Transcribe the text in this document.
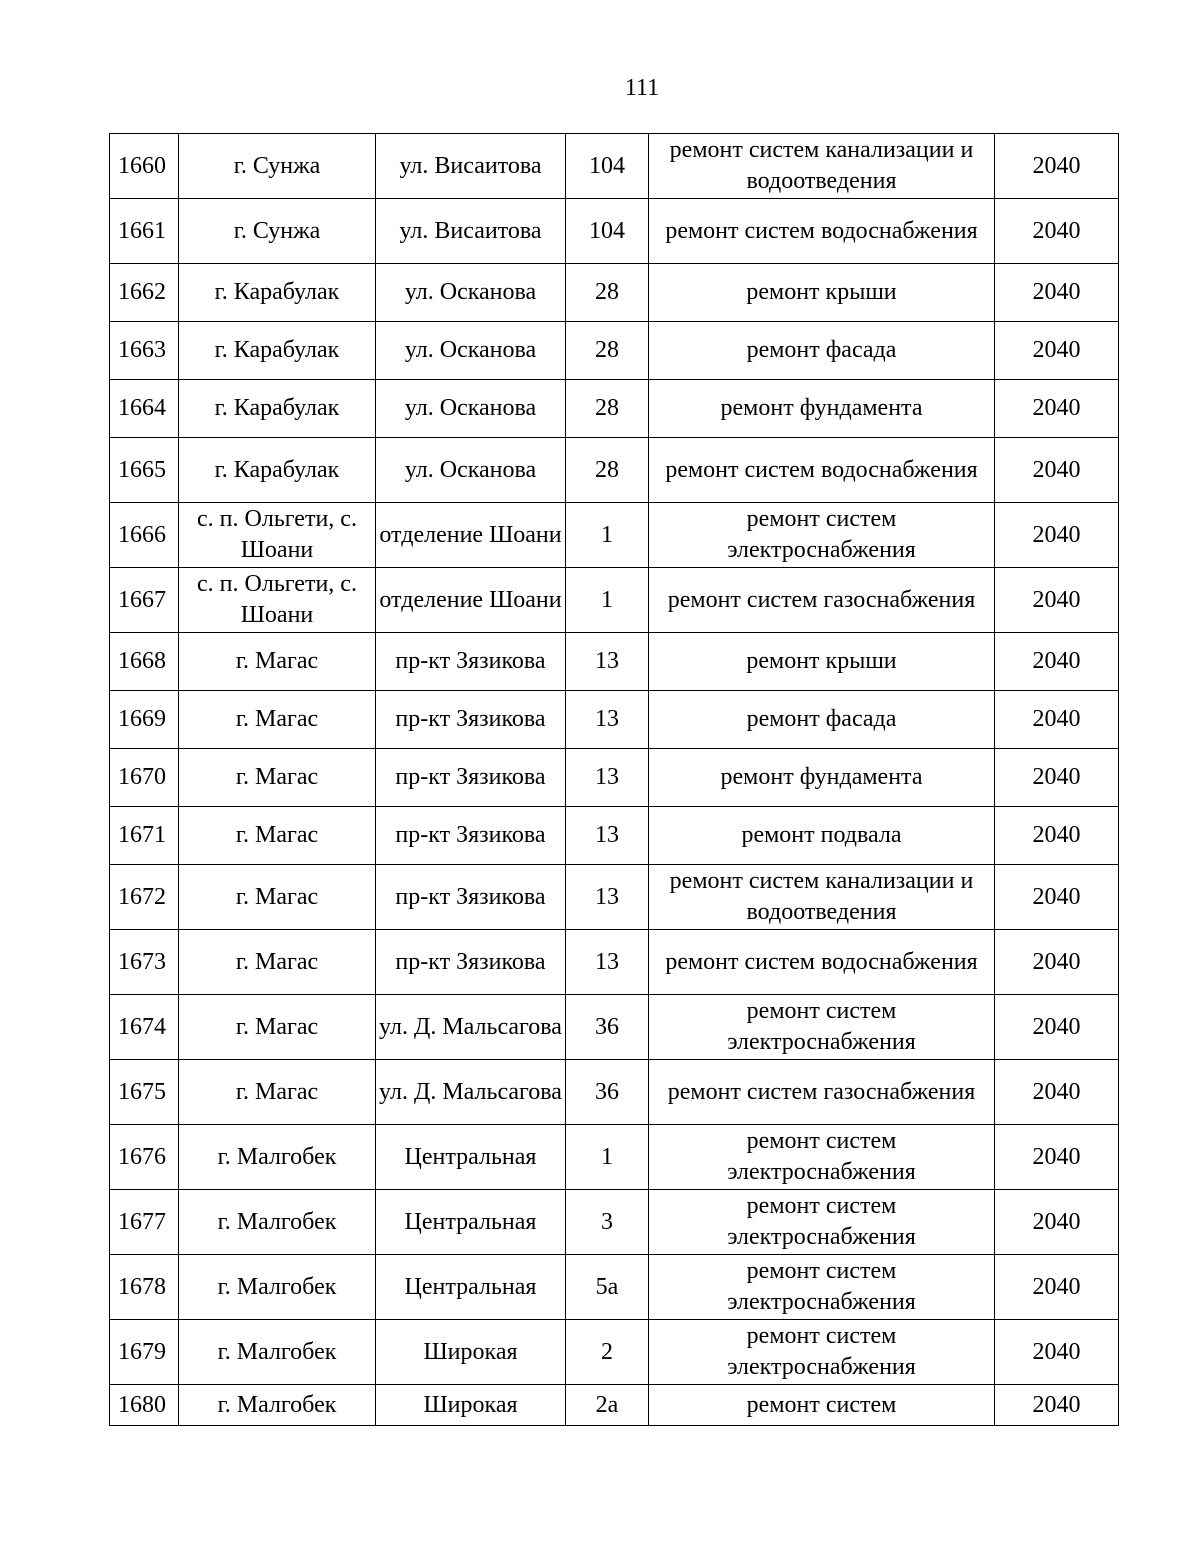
111
1660	г. Сунжа	ул. Висаитова	104	ремонт систем канализации и водоотведения	2040
1661	г. Сунжа	ул. Висаитова	104	ремонт систем водоснабжения	2040
1662	г. Карабулак	ул. Осканова	28	ремонт крыши	2040
1663	г. Карабулак	ул. Осканова	28	ремонт фасада	2040
1664	г. Карабулак	ул. Осканова	28	ремонт фундамента	2040
1665	г. Карабулак	ул. Осканова	28	ремонт систем водоснабжения	2040
1666	с. п. Ольгети, с. Шоани	отделение Шоани	1	ремонт систем электроснабжения	2040
1667	с. п. Ольгети, с. Шоани	отделение Шоани	1	ремонт систем газоснабжения	2040
1668	г. Магас	пр-кт Зязикова	13	ремонт крыши	2040
1669	г. Магас	пр-кт Зязикова	13	ремонт фасада	2040
1670	г. Магас	пр-кт Зязикова	13	ремонт фундамента	2040
1671	г. Магас	пр-кт Зязикова	13	ремонт подвала	2040
1672	г. Магас	пр-кт Зязикова	13	ремонт систем канализации и водоотведения	2040
1673	г. Магас	пр-кт Зязикова	13	ремонт систем водоснабжения	2040
1674	г. Магас	ул. Д. Мальсагова	36	ремонт систем электроснабжения	2040
1675	г. Магас	ул. Д. Мальсагова	36	ремонт систем газоснабжения	2040
1676	г. Малгобек	Центральная	1	ремонт систем электроснабжения	2040
1677	г. Малгобек	Центральная	3	ремонт систем электроснабжения	2040
1678	г. Малгобек	Центральная	5а	ремонт систем электроснабжения	2040
1679	г. Малгобек	Широкая	2	ремонт систем электроснабжения	2040
1680	г. Малгобек	Широкая	2а	ремонт систем	2040
